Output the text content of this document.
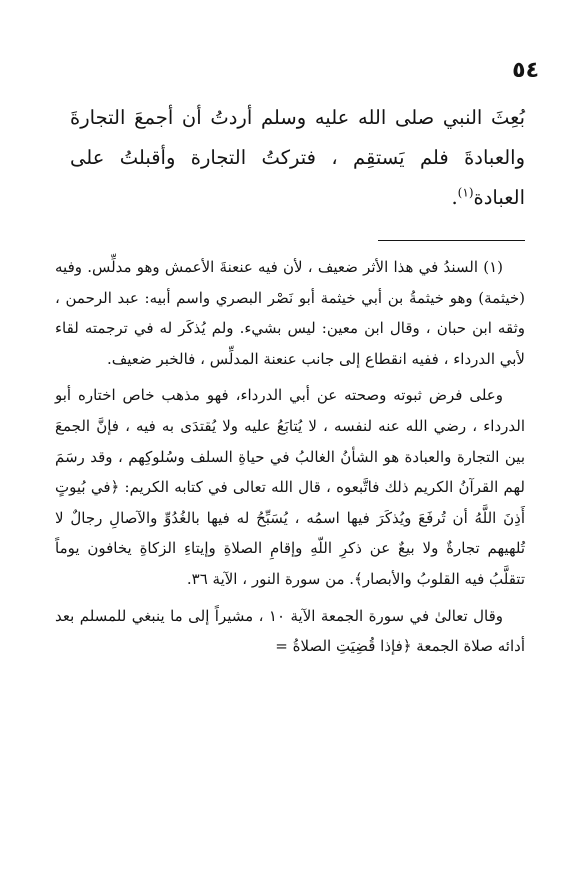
٥٤
بُعِثَ النبي صلى الله عليه وسلم أردتُ أن أجمعَ التجارةَ والعبادةَ فلم يَستقِم ، فتركتُ التجارة وأقبلتُ على العبادة$^{(١)}$.

(١) السندُ في هذا الأثر ضعيف ، لأن فيه عنعنةَ الأعمش وهو مدلِّس. وفيه (خيثمة) وهو خيثمةُ بن أبي خيثمة أبو نَصْر البصري واسم أبيه: عبد الرحمن ، وثقه ابن حبان ، وقال ابن معين: ليس بشيء. ولم يُذكَر له في ترجمته لقاء لأبي الدرداء ، ففيه انقطاع إلى جانب عنعنة المدلِّس ، فالخبر ضعيف.

وعلى فرض ثبوته وصحته عن أبي الدرداء، فهو مذهب خاص اختاره أبو الدرداء ، رضي الله عنه لنفسه ، لا يُتابَعُ عليه ولا يُقتدَى به فيه ، فإنَّ الجمعَ بين التجارة والعبادة هو الشأنُ الغالبُ في حياةِ السلف وسُلوكِهم ، وقد رسَمَ لهم القرآنُ الكريم ذلك فاتَّبعوه ، قال الله تعالى في كتابه الكريم: ﴿في بُيوتٍ أَذِنَ اللَّهُ أن تُرفَعَ ويُذكَرَ فيها اسمُه ، يُسَبِّحُ له فيها بالغُدُوِّ والآصالِ رجالٌ لا تُلهيهم تجارةٌ ولا بيعٌ عن ذكرِ اللّهِ وإقامِ الصلاةِ وإيتاءِ الزكاةِ يخافون يوماً تتقلَّبُ فيه القلوبُ والأبصار﴾. من سورة النور ، الآية ٣٦.

وقال تعالىٰ في سورة الجمعة الآية ١٠ ، مشيراً إلى ما ينبغي للمسلم بعد أدائه صلاة الجمعة ﴿فإذا قُضِيَتِ الصلاةُ =
